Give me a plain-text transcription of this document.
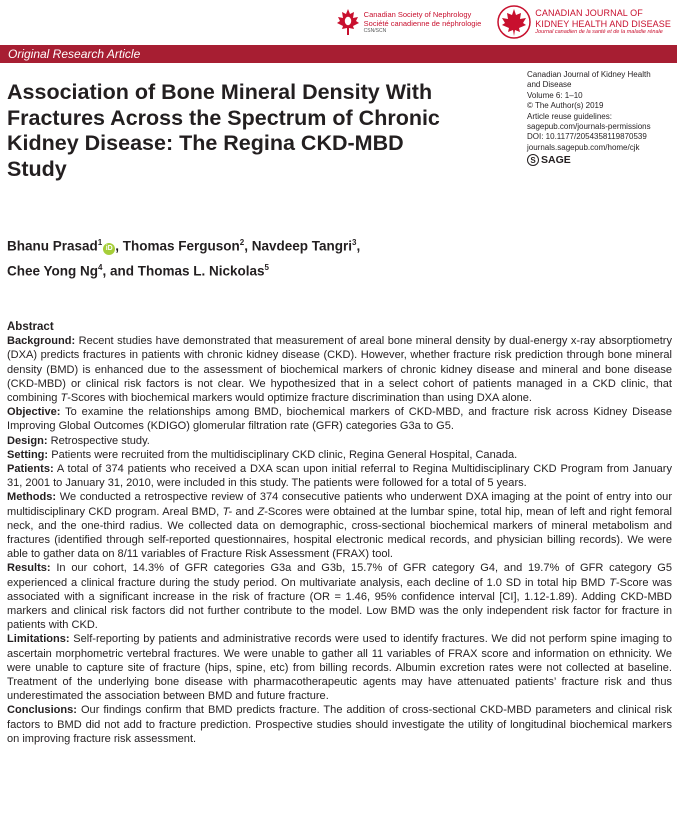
Canadian Society of Nephrology
Société canadienne de néphrologie
CSN/SCN
CANADIAN JOURNAL OF
KIDNEY HEALTH AND DISEASE
Journal canadien de la santé et de la maladie rénale
Original Research Article
Association of Bone Mineral Density With Fractures Across the Spectrum of Chronic Kidney Disease: The Regina CKD-MBD Study
Canadian Journal of Kidney Health
and Disease
Volume 6: 1–10
© The Author(s) 2019
Article reuse guidelines:
sagepub.com/journals-permissions
DOI: 10.1177/2054358119870539
journals.sagepub.com/home/cjk
S SAGE
Bhanu Prasad$^1$iD , Thomas Ferguson$^2$, Navdeep Tangri$^3$,
Chee Yong Ng$^4$, and Thomas L. Nickolas$^5$

Abstract

Background: Recent studies have demonstrated that measurement of areal bone mineral density by dual-energy x-ray absorptiometry (DXA) predicts fractures in patients with chronic kidney disease (CKD). However, whether fracture risk prediction through bone mineral density (BMD) is enhanced due to the assessment of biochemical markers of chronic kidney disease and mineral and bone disease (CKD-MBD) or clinical risk factors is not clear. We hypothesized that in a select cohort of patients managed in a CKD clinic, that combining T-Scores with biochemical markers would optimize fracture discrimination than using DXA alone.

Objective: To examine the relationships among BMD, biochemical markers of CKD-MBD, and fracture risk across Kidney Disease Improving Global Outcomes (KDIGO) glomerular filtration rate (GFR) categories G3a to G5.

Design: Retrospective study.

Setting: Patients were recruited from the multidisciplinary CKD clinic, Regina General Hospital, Canada.

Patients: A total of 374 patients who received a DXA scan upon initial referral to Regina Multidisciplinary CKD Program from January 31, 2001 to January 31, 2010, were included in this study. The patients were followed for a total of 5 years.

Methods: We conducted a retrospective review of 374 consecutive patients who underwent DXA imaging at the point of entry into our multidisciplinary CKD program. Areal BMD, T- and Z-Scores were obtained at the lumbar spine, total hip, mean of left and right femoral neck, and the one-third radius. We collected data on demographic, cross-sectional biochemical markers of mineral metabolism and fractures (identified through self-reported questionnaires, hospital electronic medical records, and physician billing records). We were able to gather data on 8/11 variables of Fracture Risk Assessment (FRAX) tool.

Results: In our cohort, 14.3% of GFR categories G3a and G3b, 15.7% of GFR category G4, and 19.7% of GFR category G5 experienced a clinical fracture during the study period. On multivariate analysis, each decline of 1.0 SD in total hip BMD T-Score was associated with a significant increase in the risk of fracture (OR = 1.46, 95% confidence interval [CI], 1.12-1.89). Adding CKD-MBD markers and clinical risk factors did not further contribute to the model. Low BMD was the only independent risk factor for fracture in patients with CKD.

Limitations: Self-reporting by patients and administrative records were used to identify fractures. We did not perform spine imaging to ascertain morphometric vertebral fractures. We were unable to gather all 11 variables of FRAX score and information on ethnicity. We were unable to capture site of fracture (hips, spine, etc) from billing records. Albumin excretion rates were not collected at baseline. Treatment of the underlying bone disease with pharmacotherapeutic agents may have attenuated patients’ fracture risk and thus underestimated the association between BMD and future fracture.

Conclusions: Our findings confirm that BMD predicts fracture. The addition of cross-sectional CKD-MBD parameters and clinical risk factors to BMD did not add to fracture prediction. Prospective studies should investigate the utility of longitudinal biochemical markers on improving fracture risk assessment.
